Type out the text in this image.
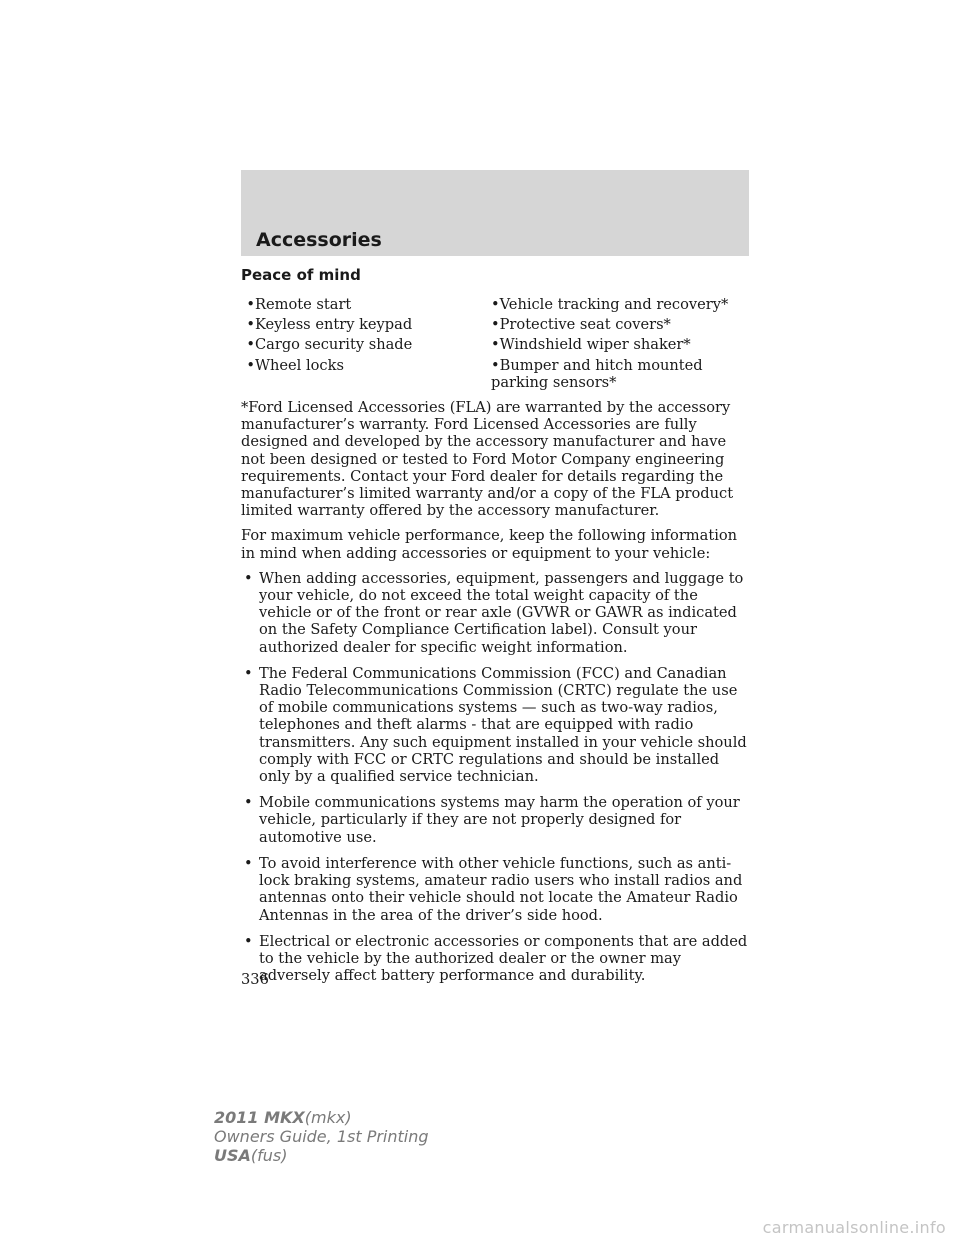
Accessories
Peace of mind
• Remote start	•Vehicle tracking and recovery*
• Keyless entry keypad	•Protective seat covers*
• Cargo security shade	•Windshield wiper shaker*
• Wheel locks	•Bumper and hitch mounted parking sensors*

*Ford Licensed Accessories (FLA) are warranted by the accessory manufacturer’s warranty. Ford Licensed Accessories are fully designed and developed by the accessory manufacturer and have not been designed or tested to Ford Motor Company engineering requirements. Contact your Ford dealer for details regarding the manufacturer’s limited warranty and/or a copy of the FLA product limited warranty offered by the accessory manufacturer.

For maximum vehicle performance, keep the following information in mind when adding accessories or equipment to your vehicle:

• When adding accessories, equipment, passengers and luggage to your vehicle, do not exceed the total weight capacity of the vehicle or of the front or rear axle (GVWR or GAWR as indicated on the Safety Compliance Certification label). Consult your authorized dealer for specific weight information.
• The Federal Communications Commission (FCC) and Canadian Radio Telecommunications Commission (CRTC) regulate the use of mobile communications systems — such as two-way radios, telephones and theft alarms - that are equipped with radio transmitters. Any such equipment installed in your vehicle should comply with FCC or CRTC regulations and should be installed only by a qualified service technician.
• Mobile communications systems may harm the operation of your vehicle, particularly if they are not properly designed for automotive use.
• To avoid interference with other vehicle functions, such as anti-lock braking systems, amateur radio users who install radios and antennas onto their vehicle should not locate the Amateur Radio Antennas in the area of the driver’s side hood.
• Electrical or electronic accessories or components that are added to the vehicle by the authorized dealer or the owner may adversely affect battery performance and durability.
336
2011 MKX(mkx)
Owners Guide, 1st Printing
USA(fus)
carmanualsonline.info
